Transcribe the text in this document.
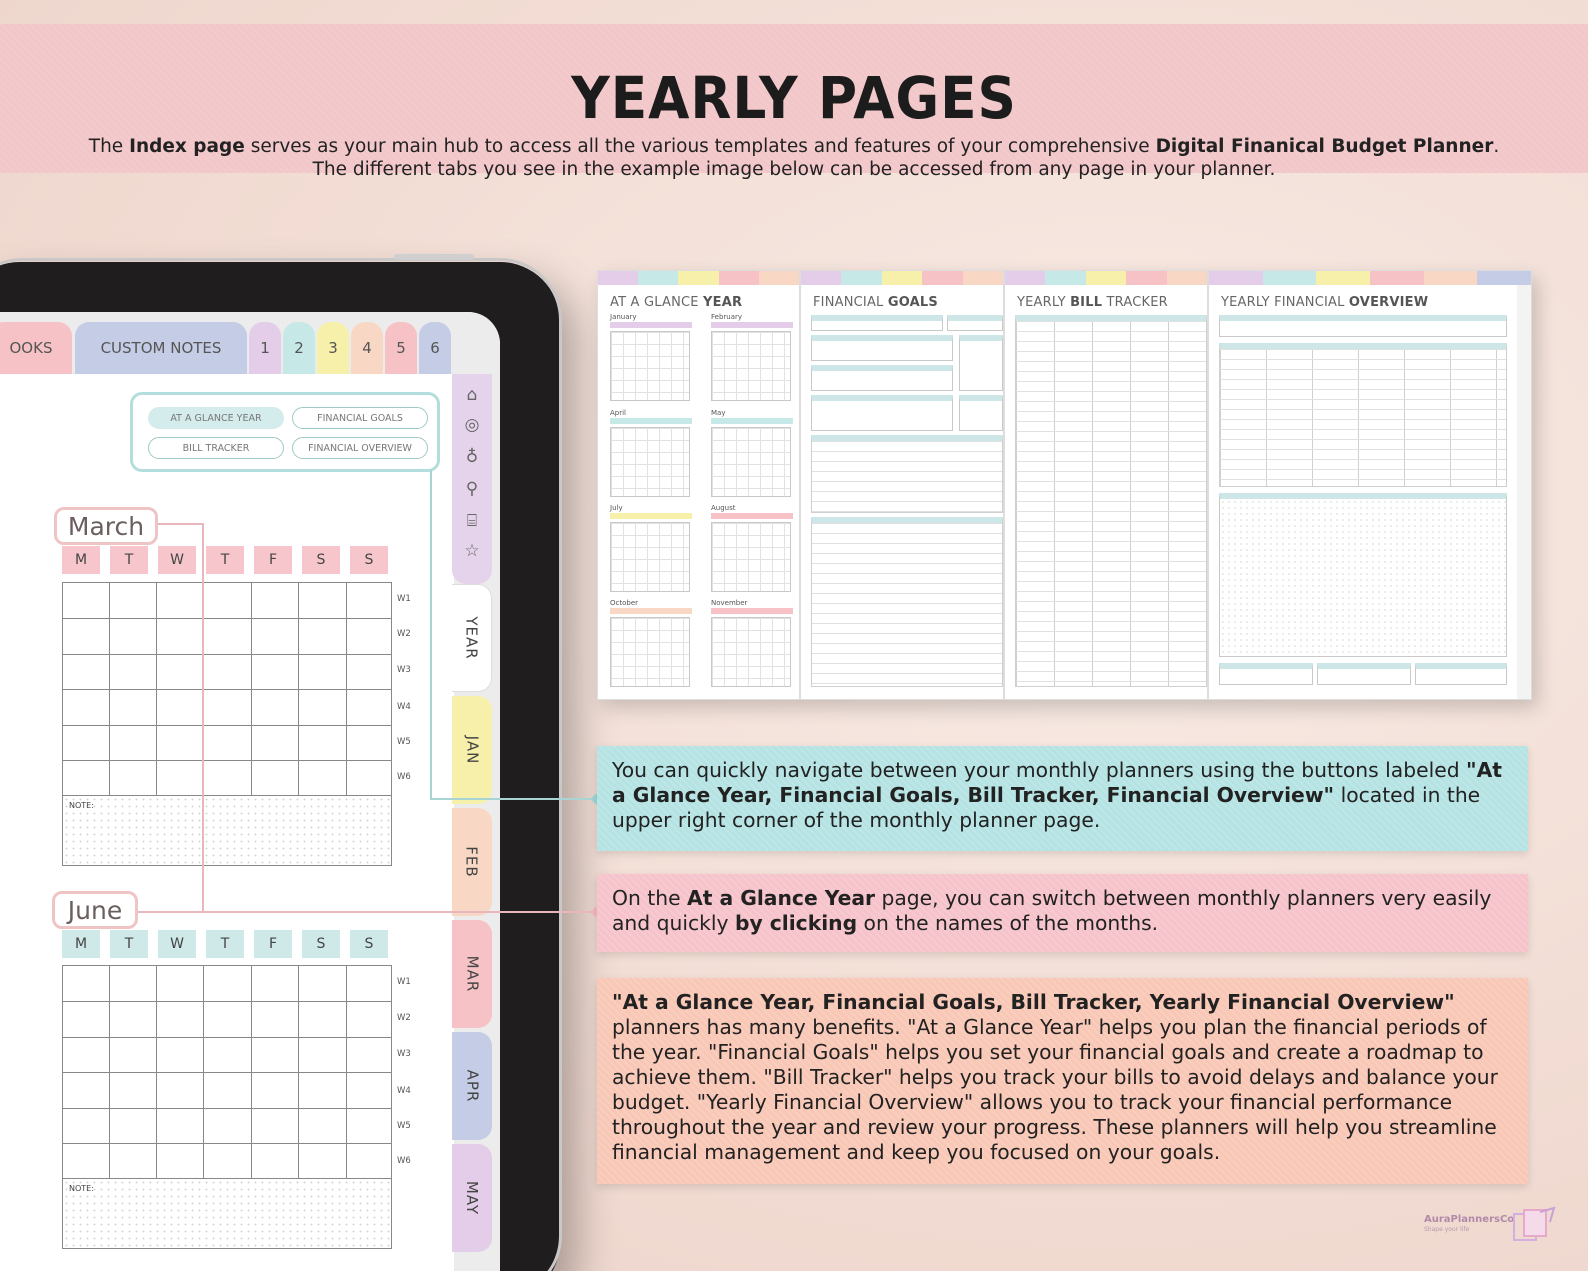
YEARLY PAGES

The Index page serves as your main hub to access all the various templates and features of your comprehensive Digital Finanical Budget Planner.

The different tabs you see in the example image below can be accessed from any page in your planner.

OOKS	CUSTOM NOTES	1 2 3 4 5 6
⌂
◎
♁
⚲
⌸
☆
YEAR
JAN
FEB
MAR
APR
MAY
AT A GLANCE YEAR	FINANCIAL GOALS
BILL TRACKER	FINANCIAL OVERVIEW
March
M	T	W	T	F	S	S
W1
W2
W3
W4
W5
W6
NOTE:
June
M	T	W	T	F	S	S
W1
W2
W3
W4
W5
W6
NOTE:
AT A GLANCE YEAR
January	February
April	May
July	August
October	November
FINANCIAL GOALS	YEARLY BILL TRACKER	YEARLY FINANCIAL OVERVIEW
You can quickly navigate between your monthly planners using the buttons labeled "At a Glance Year, Financial Goals, Bill Tracker, Financial Overview" located in the upper right corner of the monthly planner page.
On the At a Glance Year page, you can switch between monthly planners very easily and quickly by clicking on the names of the months.
"At a Glance Year, Financial Goals, Bill Tracker, Yearly Financial Overview" planners has many benefits. "At a Glance Year" helps you plan the financial periods of the year. "Financial Goals" helps you set your financial goals and create a roadmap to achieve them. "Bill Tracker" helps you track your bills to avoid delays and balance your budget. "Yearly Financial Overview" allows you to track your financial performance throughout the year and review your progress. These planners will help you streamline financial management and keep you focused on your goals.
AuraPlannersCo
Shape your life
